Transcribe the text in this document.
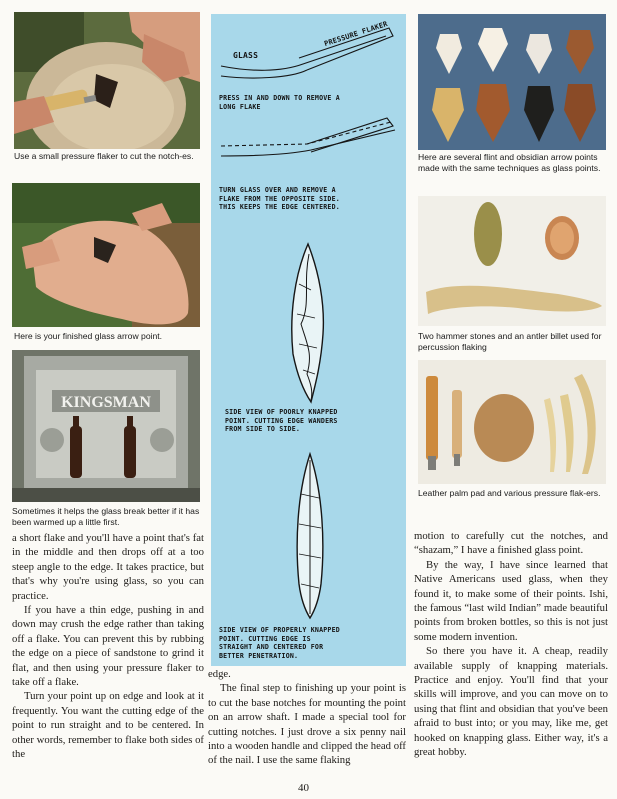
Use a small pressure flaker to cut the notch-es.
Here is your finished glass arrow point.
KINGSMAN
Sometimes it helps the glass break better if it has been warmed up a little first.

a short flake and you'll have a point that's fat in the middle and then drops off at a too steep angle to the edge. It takes practice, but that's why you're using glass, so you can practice.

If you have a thin edge, pushing in and down may crush the edge rather than taking off a flake. You can prevent this by rubbing the edge on a piece of sandstone to grind it flat, and then using your pressure flaker to take off a flake.

Turn your point up on edge and look at it frequently. You want the cutting edge of the point to run straight and to be centered. In other words, remember to flake both sides of the

GLASS
PRESSURE FLAKER
PRESS IN AND DOWN TO REMOVE A
LONG FLAKE
TURN GLASS OVER AND REMOVE A
FLAKE FROM THE OPPOSITE SIDE.
THIS KEEPS THE EDGE CENTERED.
SIDE VIEW OF POORLY KNAPPED
POINT. CUTTING EDGE WANDERS
FROM SIDE TO SIDE.
SIDE VIEW OF PROPERLY KNAPPED
POINT. CUTTING EDGE IS
STRAIGHT AND CENTERED FOR
BETTER PENETRATION.

edge.

The final step to finishing up your point is to cut the base notches for mounting the point on an arrow shaft. I made a special tool for cutting notches. I just drove a six penny nail into a wooden handle and clipped the head off of the nail. I use the same flaking

Here are several flint and obsidian arrow points made with the same techniques as glass points.
Two hammer stones and an antler billet used for percussion flaking
Leather palm pad and various pressure flak-ers.

motion to carefully cut the notches, and “shazam,” I have a finished glass point.

By the way, I have since learned that Native Americans used glass, when they found it, to make some of their points. Ishi, the famous “last wild Indian” made beautiful points from broken bottles, so this is not just some modern invention.

So there you have it. A cheap, readily available supply of knapping materials. Practice and enjoy. You'll find that your skills will improve, and you can move on to using that flint and obsidian that you've been afraid to bust into; or you may, like me, get hooked on knapping glass. Either way, it's a great hobby.

40
